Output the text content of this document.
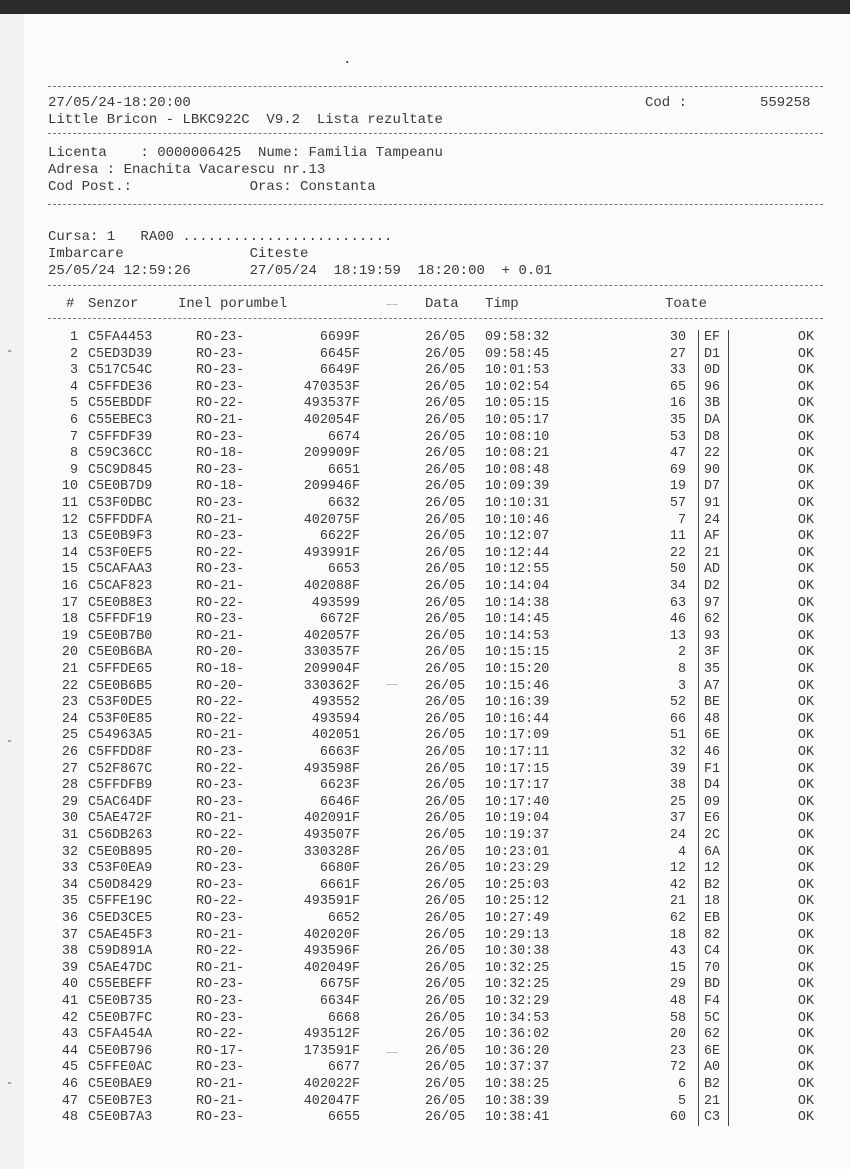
.
-
-
-
27/05/24-18:20:00	Cod :	559258
Little Bricon - LBKC922C  V9.2  Lista rezultate
Licenta    : 0000006425  Nume: Familia Tampeanu
Adresa : Enachita Vacarescu nr.13
Cod Post.:              Oras: Constanta
Cursa: 1   RA00 .........................
Imbarcare               Citeste
25/05/24 12:59:26       27/05/24  18:19:59  18:20:00  + 0.01
# Senzor	Inel porumbel	Data Timp	Toate
~~
~~
~~
1 C5FA4453	RO-23-	6699F	26/05 09:58:32	30 EF	OK
2 C5ED3D39	RO-23-	6645F	26/05 09:58:45	27 D1	OK
3 C517C54C	RO-23-	6649F	26/05 10:01:53	33 0D	OK
4 C5FFDE36	RO-23-	470353F	26/05 10:02:54	65 96	OK
5 C55EBDDF	RO-22-	493537F	26/05 10:05:15	16 3B	OK
6 C55EBEC3	RO-21-	402054F	26/05 10:05:17	35 DA	OK
7 C5FFDF39	RO-23-	6674	26/05 10:08:10	53 D8	OK
8 C59C36CC	RO-18-	209909F	26/05 10:08:21	47 22	OK
9 C5C9D845	RO-23-	6651	26/05 10:08:48	69 90	OK
10 C5E0B7D9	RO-18-	209946F	26/05 10:09:39	19 D7	OK
11 C53F0DBC	RO-23-	6632	26/05 10:10:31	57 91	OK
12 C5FFDDFA	RO-21-	402075F	26/05 10:10:46	7 24	OK
13 C5E0B9F3	RO-23-	6622F	26/05 10:12:07	11 AF	OK
14 C53F0EF5	RO-22-	493991F	26/05 10:12:44	22 21	OK
15 C5CAFAA3	RO-23-	6653	26/05 10:12:55	50 AD	OK
16 C5CAF823	RO-21-	402088F	26/05 10:14:04	34 D2	OK
17 C5E0B8E3	RO-22-	493599	26/05 10:14:38	63 97	OK
18 C5FFDF19	RO-23-	6672F	26/05 10:14:45	46 62	OK
19 C5E0B7B0	RO-21-	402057F	26/05 10:14:53	13 93	OK
20 C5E0B6BA	RO-20-	330357F	26/05 10:15:15	2 3F	OK
21 C5FFDE65	RO-18-	209904F	26/05 10:15:20	8 35	OK
22 C5E0B6B5	RO-20-	330362F	26/05 10:15:46	3 A7	OK
23 C53F0DE5	RO-22-	493552	26/05 10:16:39	52 BE	OK
24 C53F0E85	RO-22-	493594	26/05 10:16:44	66 48	OK
25 C54963A5	RO-21-	402051	26/05 10:17:09	51 6E	OK
26 C5FFDD8F	RO-23-	6663F	26/05 10:17:11	32 46	OK
27 C52F867C	RO-22-	493598F	26/05 10:17:15	39 F1	OK
28 C5FFDFB9	RO-23-	6623F	26/05 10:17:17	38 D4	OK
29 C5AC64DF	RO-23-	6646F	26/05 10:17:40	25 09	OK
30 C5AE472F	RO-21-	402091F	26/05 10:19:04	37 E6	OK
31 C56DB263	RO-22-	493507F	26/05 10:19:37	24 2C	OK
32 C5E0B895	RO-20-	330328F	26/05 10:23:01	4 6A	OK
33 C53F0EA9	RO-23-	6680F	26/05 10:23:29	12 12	OK
34 C50D8429	RO-23-	6661F	26/05 10:25:03	42 B2	OK
35 C5FFE19C	RO-22-	493591F	26/05 10:25:12	21 18	OK
36 C5ED3CE5	RO-23-	6652	26/05 10:27:49	62 EB	OK
37 C5AE45F3	RO-21-	402020F	26/05 10:29:13	18 82	OK
38 C59D891A	RO-22-	493596F	26/05 10:30:38	43 C4	OK
39 C5AE47DC	RO-21-	402049F	26/05 10:32:25	15 70	OK
40 C55EBEFF	RO-23-	6675F	26/05 10:32:25	29 BD	OK
41 C5E0B735	RO-23-	6634F	26/05 10:32:29	48 F4	OK
42 C5E0B7FC	RO-23-	6668	26/05 10:34:53	58 5C	OK
43 C5FA454A	RO-22-	493512F	26/05 10:36:02	20 62	OK
44 C5E0B796	RO-17-	173591F	26/05 10:36:20	23 6E	OK
45 C5FFE0AC	RO-23-	6677	26/05 10:37:37	72 A0	OK
46 C5E0BAE9	RO-21-	402022F	26/05 10:38:25	6 B2	OK
47 C5E0B7E3	RO-21-	402047F	26/05 10:38:39	5 21	OK
48 C5E0B7A3	RO-23-	6655	26/05 10:38:41	60 C3	OK
